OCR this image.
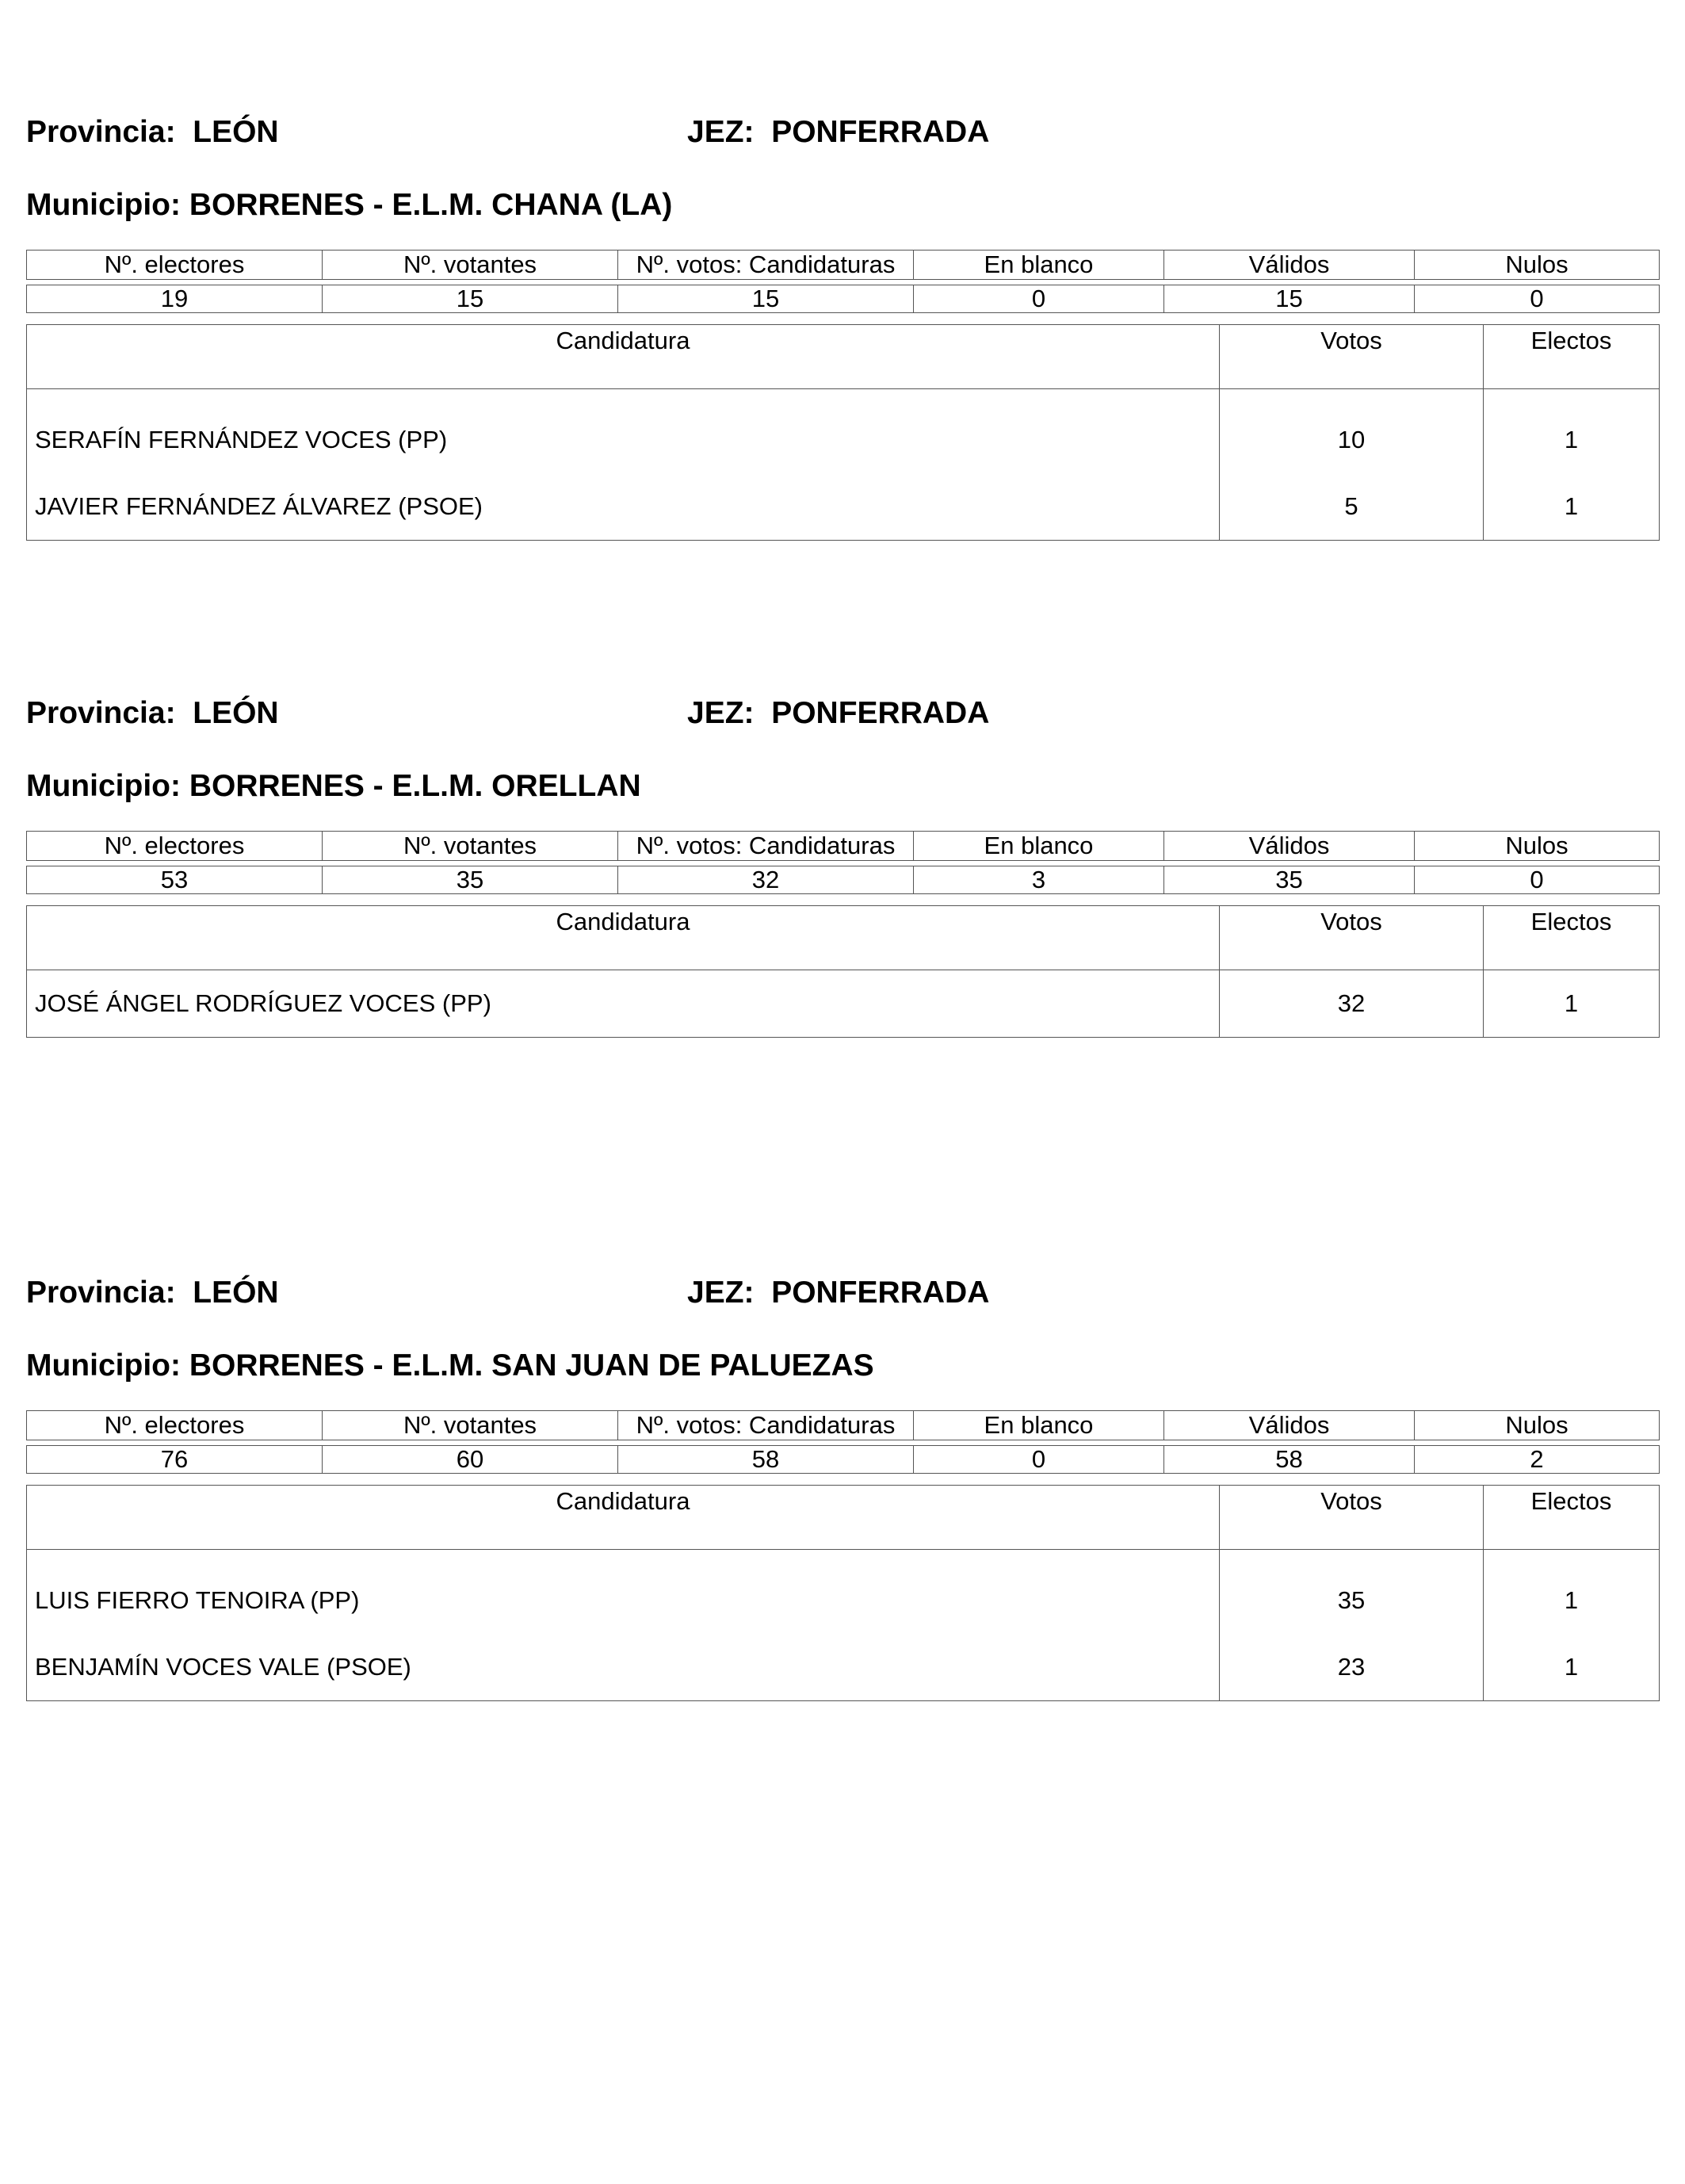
Provincia: LEÓN	JEZ: PONFERRADA
Municipio: BORRENES - E.L.M. CHANA (LA)
Nº. electores	Nº. votantes	Nº. votos: Candidaturas	En blanco	Válidos	Nulos

19	15	15	0	15	0
Candidatura	Votos	Electos

SERAFÍN FERNÁNDEZ VOCES (PP)	10	1
JAVIER FERNÁNDEZ ÁLVAREZ (PSOE)	5	1
Provincia: LEÓN	JEZ: PONFERRADA
Municipio: BORRENES - E.L.M. ORELLAN
Nº. electores	Nº. votantes	Nº. votos: Candidaturas	En blanco	Válidos	Nulos

53	35	32	3	35	0
Candidatura	Votos	Electos
JOSÉ ÁNGEL RODRÍGUEZ VOCES (PP)	32	1
Provincia: LEÓN	JEZ: PONFERRADA
Municipio: BORRENES - E.L.M. SAN JUAN DE PALUEZAS
Nº. electores	Nº. votantes	Nº. votos: Candidaturas	En blanco	Válidos	Nulos

76	60	58	0	58	2
Candidatura	Votos	Electos

LUIS FIERRO TENOIRA (PP)	35	1
BENJAMÍN VOCES VALE (PSOE)	23	1
